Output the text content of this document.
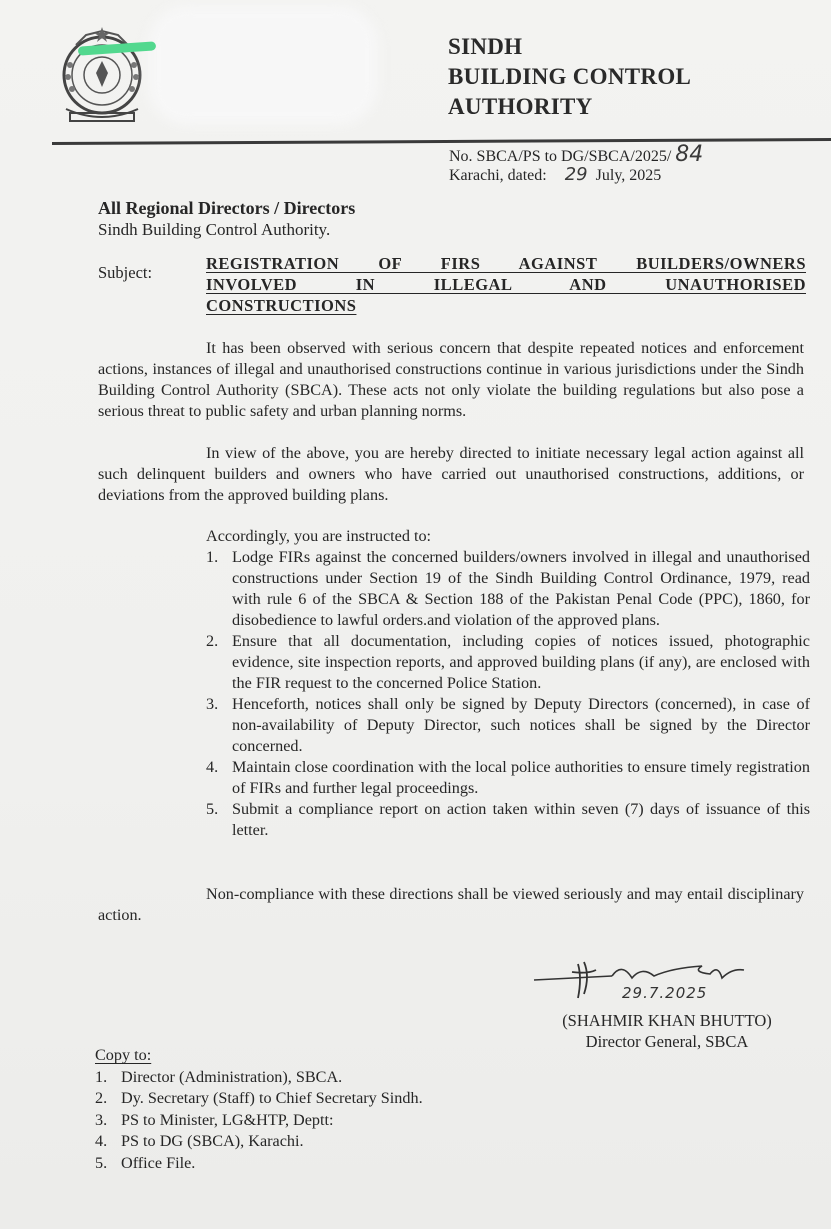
SINDH
BUILDING CONTROL
AUTHORITY
No. SBCA/PS to DG/SBCA/2025/ 84
Karachi, dated: 29 July, 2025
All Regional Directors / Directors
Sindh Building Control Authority.
Subject:	REGISTRATION OF FIRS AGAINST BUILDERS/OWNERS
INVOLVED IN ILLEGAL AND UNAUTHORISED
CONSTRUCTIONS
It has been observed with serious concern that despite repeated notices and enforcement actions, instances of illegal and unauthorised constructions continue in various jurisdictions under the Sindh Building Control Authority (SBCA). These acts not only violate the building regulations but also pose a serious threat to public safety and urban planning norms.
In view of the above, you are hereby directed to initiate necessary legal action against all such delinquent builders and owners who have carried out unauthorised constructions, additions, or deviations from the approved building plans.
Accordingly, you are instructed to:
1. Lodge FIRs against the concerned builders/owners involved in illegal and unauthorised constructions under Section 19 of the Sindh Building Control Ordinance, 1979, read with rule 6 of the SBCA & Section 188 of the Pakistan Penal Code (PPC), 1860, for disobedience to lawful orders.and violation of the approved plans.
2. Ensure that all documentation, including copies of notices issued, photographic evidence, site inspection reports, and approved building plans (if any), are enclosed with the FIR request to the concerned Police Station.
3. Henceforth, notices shall only be signed by Deputy Directors (concerned), in case of non-availability of Deputy Director, such notices shall be signed by the Director concerned.
4. Maintain close coordination with the local police authorities to ensure timely registration of FIRs and further legal proceedings.
5. Submit a compliance report on action taken within seven (7) days of issuance of this letter.
Non-compliance with these directions shall be viewed seriously and may entail disciplinary action.
29.7.2025
(SHAHMIR KHAN BHUTTO)
Director General, SBCA
Copy to:
1. Director (Administration), SBCA.
2. Dy. Secretary (Staff) to Chief Secretary Sindh.
3. PS to Minister, LG&HTP, Deptt:
4. PS to DG (SBCA), Karachi.
5. Office File.
